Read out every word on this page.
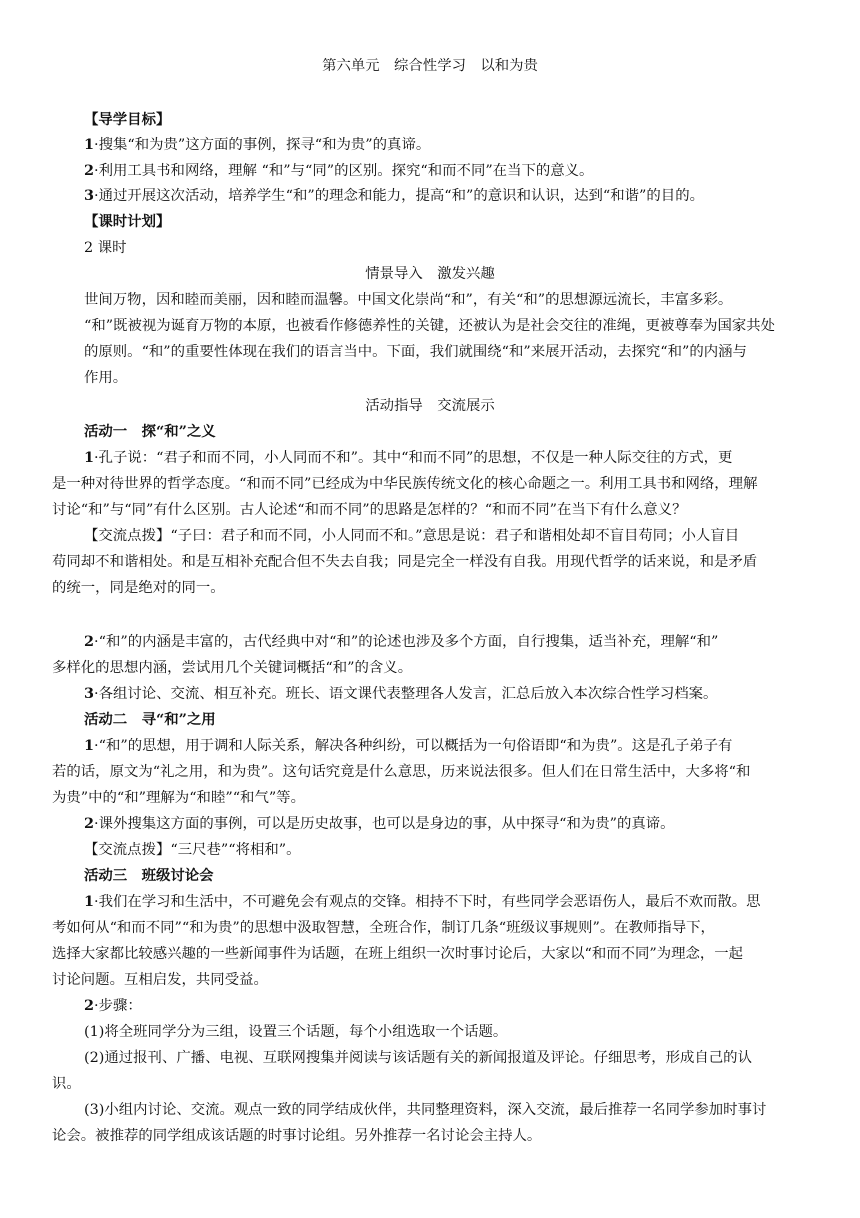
第六单元　综合性学习　以和为贵
【导学目标】
1·搜集“和为贵”这方面的事例，探寻“和为贵”的真谛。
2·利用工具书和网络，理解 “和”与“同”的区别。探究“和而不同”在当下的意义。
3·通过开展这次活动，培养学生“和”的理念和能力，提高“和”的意识和认识，达到“和谐”的目的。
【课时计划】
2 课时
情景导入　激发兴趣
世间万物，因和睦而美丽，因和睦而温馨。中国文化崇尚“和”，有关“和”的思想源远流长，丰富多彩。
“和”既被视为诞育万物的本原，也被看作修德养性的关键，还被认为是社会交往的准绳，更被尊奉为国家共处
的原则。“和”的重要性体现在我们的语言当中。下面，我们就围绕“和”来展开活动，去探究“和”的内涵与
作用。
活动指导　交流展示
活动一　探“和”之义
1·孔子说：“君子和而不同，小人同而不和”。其中“和而不同”的思想，不仅是一种人际交往的方式，更
是一种对待世界的哲学态度。“和而不同”已经成为中华民族传统文化的核心命题之一。利用工具书和网络，理解
讨论“和”与“同”有什么区别。古人论述“和而不同”的思路是怎样的？“和而不同”在当下有什么意义？
【交流点拨】“子曰：君子和而不同，小人同而不和。”意思是说：君子和谐相处却不盲目苟同；小人盲目
苟同却不和谐相处。和是互相补充配合但不失去自我；同是完全一样没有自我。用现代哲学的话来说，和是矛盾
的统一，同是绝对的同一。
2·“和”的内涵是丰富的，古代经典中对“和”的论述也涉及多个方面，自行搜集，适当补充，理解“和”
多样化的思想内涵，尝试用几个关键词概括“和”的含义。
3·各组讨论、交流、相互补充。班长、语文课代表整理各人发言，汇总后放入本次综合性学习档案。
活动二　寻“和”之用
1·“和”的思想，用于调和人际关系，解决各种纠纷，可以概括为一句俗语即“和为贵”。这是孔子弟子有
若的话，原文为“礼之用，和为贵”。这句话究竟是什么意思，历来说法很多。但人们在日常生活中，大多将“和
为贵”中的“和”理解为“和睦”“和气”等。
2·课外搜集这方面的事例，可以是历史故事，也可以是身边的事，从中探寻“和为贵”的真谛。
【交流点拨】“三尺巷”“将相和”。
活动三　班级讨论会
1·我们在学习和生活中，不可避免会有观点的交锋。相持不下时，有些同学会恶语伤人，最后不欢而散。思
考如何从“和而不同”“和为贵”的思想中汲取智慧，全班合作，制订几条“班级议事规则”。在教师指导下，
选择大家都比较感兴趣的一些新闻事件为话题，在班上组织一次时事讨论后，大家以“和而不同”为理念，一起
讨论问题。互相启发，共同受益。
2·步骤：
(1)将全班同学分为三组，设置三个话题，每个小组选取一个话题。
(2)通过报刊、广播、电视、互联网搜集并阅读与该话题有关的新闻报道及评论。仔细思考，形成自己的认
识。
(3)小组内讨论、交流。观点一致的同学结成伙伴，共同整理资料，深入交流，最后推荐一名同学参加时事讨
论会。被推荐的同学组成该话题的时事讨论组。另外推荐一名讨论会主持人。
